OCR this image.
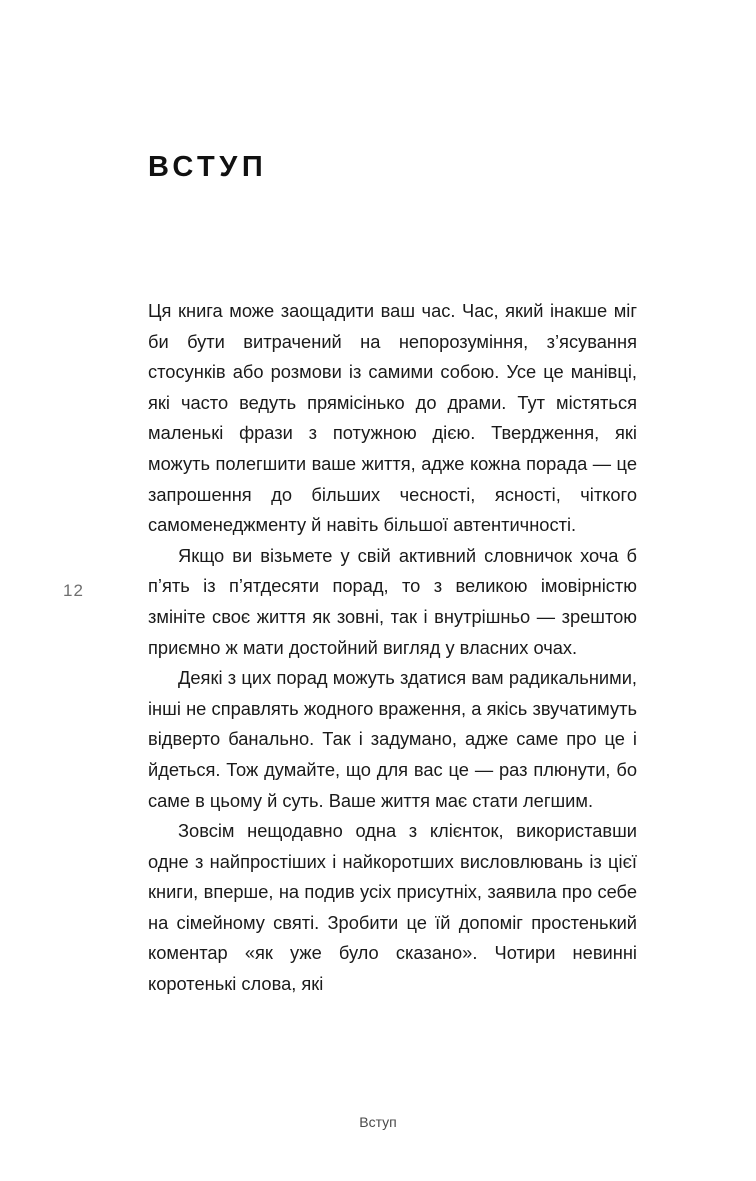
ВСТУП
12

Ця книга може заощадити ваш час. Час, який інакше міг би бути витрачений на непорозуміння, з’ясування стосунків або розмови із самими собою. Усе це манівці, які часто ведуть прямісінько до драми. Тут містяться маленькі фрази з потужною дією. Твердження, які можуть полегшити ваше життя, адже кожна порада — це запрошення до більших чесності, ясності, чіткого самоменеджменту й навіть більшої автентичності.

Якщо ви візьмете у свій активний словничок хоча б п’ять із п’ятдесяти порад, то з великою імовірністю змініте своє життя як зовні, так і внутрішньо — зрештою приємно ж мати достойний вигляд у власних очах.

Деякі з цих порад можуть здатися вам радикальними, інші не справлять жодного враження, а якісь звучатимуть відверто банально. Так і задумано, адже саме про це і йдеться. Тож думайте, що для вас це — раз плюнути, бо саме в цьому й суть. Ваше життя має стати легшим.

Зовсім нещодавно одна з клієнток, використавши одне з найпростіших і найкоротших висловлювань із цієї книги, вперше, на подив усіх присутніх, заявила про себе на сімейному святі. Зробити це їй допоміг простенький коментар «як уже було сказано». Чотири невинні коротенькі слова, які

Вступ
